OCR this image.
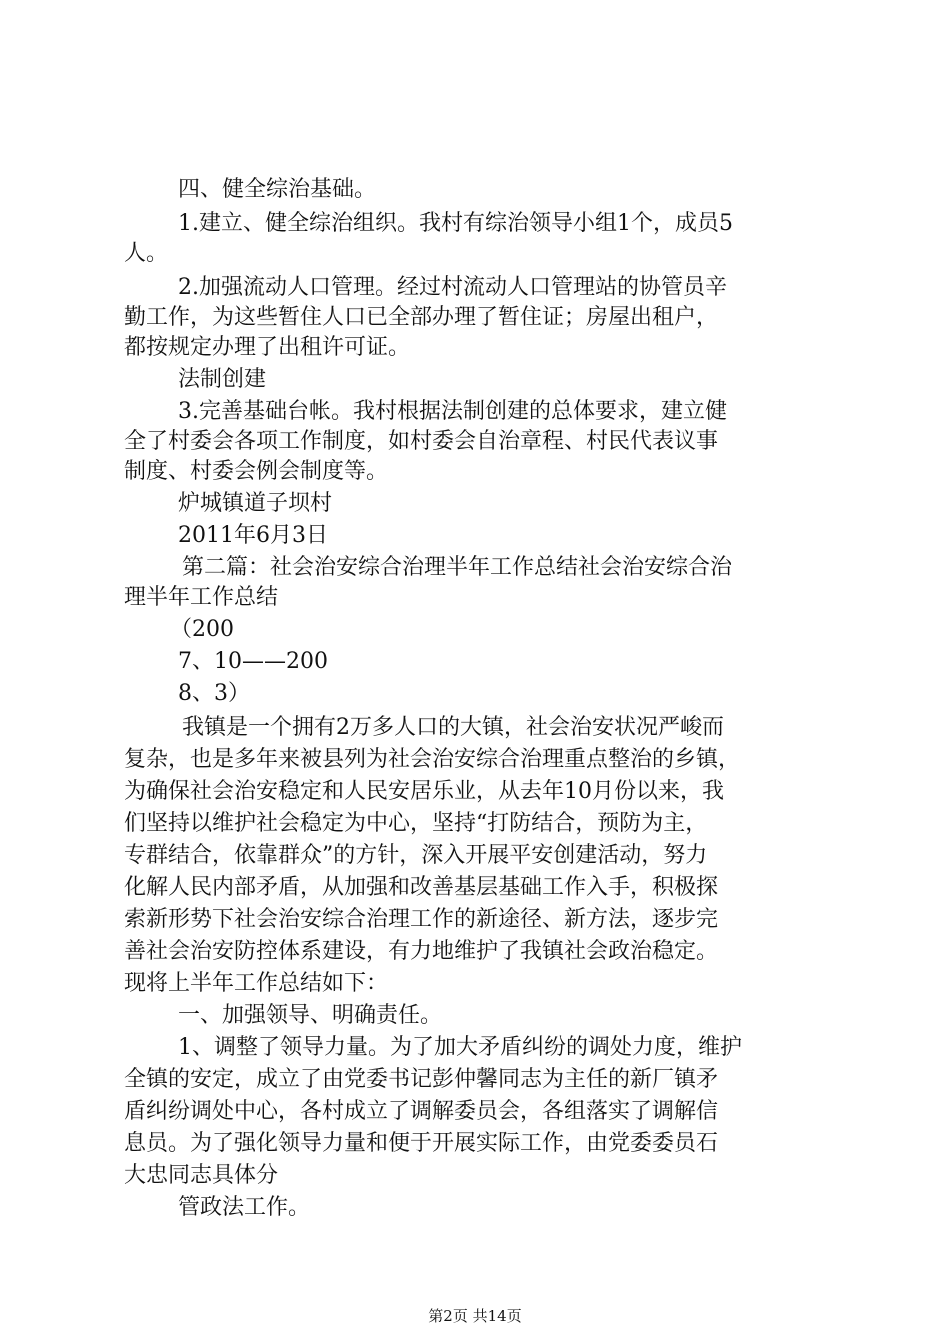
四、健全综治基础。
1.建立、健全综治组织。我村有综治领导小组1个，成员5
人。
2.加强流动人口管理。经过村流动人口管理站的协管员辛
勤工作，为这些暂住人口已全部办理了暂住证；房屋出租户，
都按规定办理了出租许可证。
法制创建
3.完善基础台帐。我村根据法制创建的总体要求，建立健
全了村委会各项工作制度，如村委会自治章程、村民代表议事
制度、村委会例会制度等。
炉城镇道子坝村
2011年6月3日
第二篇：社会治安综合治理半年工作总结社会治安综合治
理半年工作总结
（200
7、10——200
8、3）
我镇是一个拥有2万多人口的大镇，社会治安状况严峻而
复杂，也是多年来被县列为社会治安综合治理重点整治的乡镇，
为确保社会治安稳定和人民安居乐业，从去年10月份以来，我
们坚持以维护社会稳定为中心，坚持“打防结合，预防为主，
专群结合，依靠群众”的方针，深入开展平安创建活动，努力
化解人民内部矛盾，从加强和改善基层基础工作入手，积极探
索新形势下社会治安综合治理工作的新途径、新方法，逐步完
善社会治安防控体系建设，有力地维护了我镇社会政治稳定。
现将上半年工作总结如下：
一、加强领导、明确责任。
1、调整了领导力量。为了加大矛盾纠纷的调处力度，维护
全镇的安定，成立了由党委书记彭仲馨同志为主任的新厂镇矛
盾纠纷调处中心，各村成立了调解委员会，各组落实了调解信
息员。为了强化领导力量和便于开展实际工作，由党委委员石
大忠同志具体分
管政法工作。
第2页 共14页
